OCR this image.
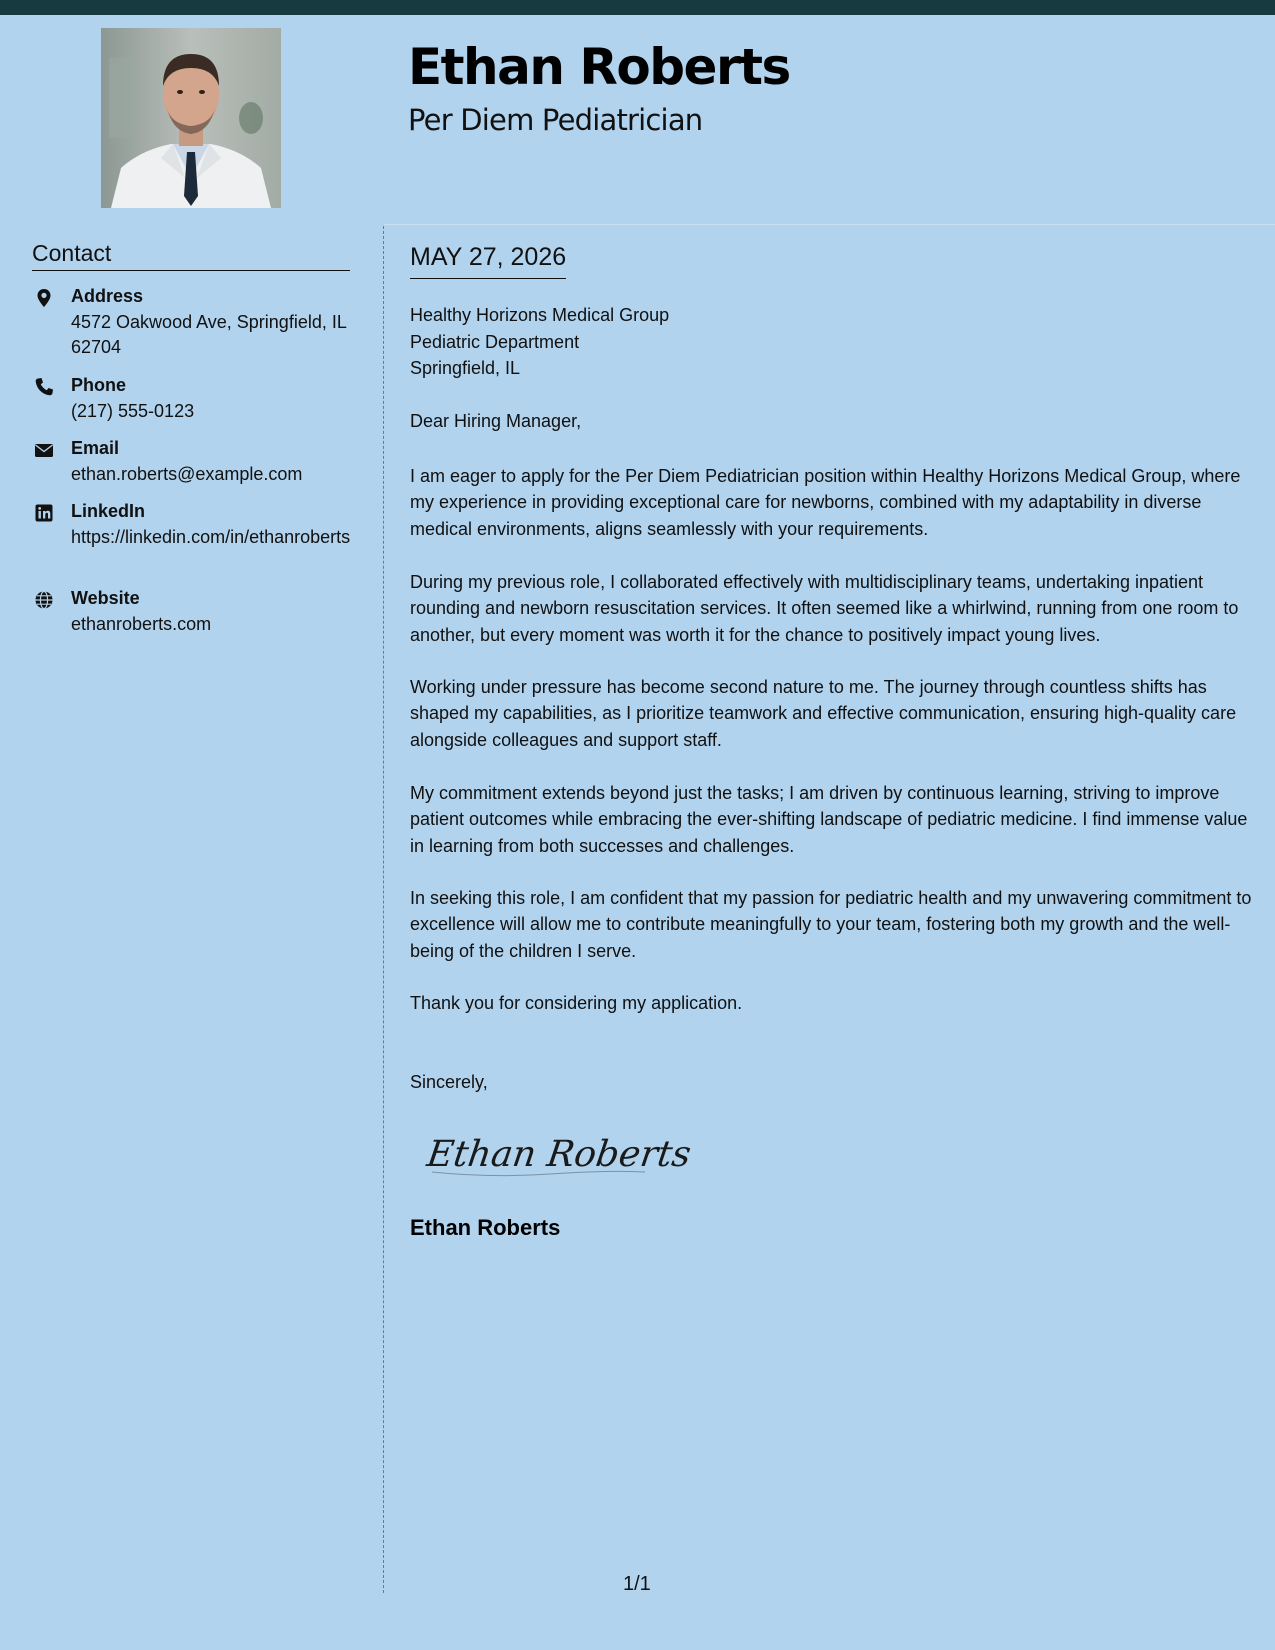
Ethan Roberts
Per Diem Pediatrician
Contact
Address
4572 Oakwood Ave, Springfield, IL 62704
Phone
(217) 555-0123
Email
ethan.roberts@example.com
LinkedIn
https://linkedin.com/in/ethanroberts
Website
ethanroberts.com
MAY 27, 2026
Healthy Horizons Medical Group
Pediatric Department
Springfield, IL
Dear Hiring Manager,
I am eager to apply for the Per Diem Pediatrician position within Healthy Horizons Medical Group, where my experience in providing exceptional care for newborns, combined with my adaptability in diverse medical environments, aligns seamlessly with your requirements.
During my previous role, I collaborated effectively with multidisciplinary teams, undertaking inpatient rounding and newborn resuscitation services. It often seemed like a whirlwind, running from one room to another, but every moment was worth it for the chance to positively impact young lives.
Working under pressure has become second nature to me. The journey through countless shifts has shaped my capabilities, as I prioritize teamwork and effective communication, ensuring high-quality care alongside colleagues and support staff.
My commitment extends beyond just the tasks; I am driven by continuous learning, striving to improve patient outcomes while embracing the ever-shifting landscape of pediatric medicine. I find immense value in learning from both successes and challenges.
In seeking this role, I am confident that my passion for pediatric health and my unwavering commitment to excellence will allow me to contribute meaningfully to your team, fostering both my growth and the well-being of the children I serve.
Thank you for considering my application.
Sincerely,
Ethan Roberts
Ethan Roberts
1/1
